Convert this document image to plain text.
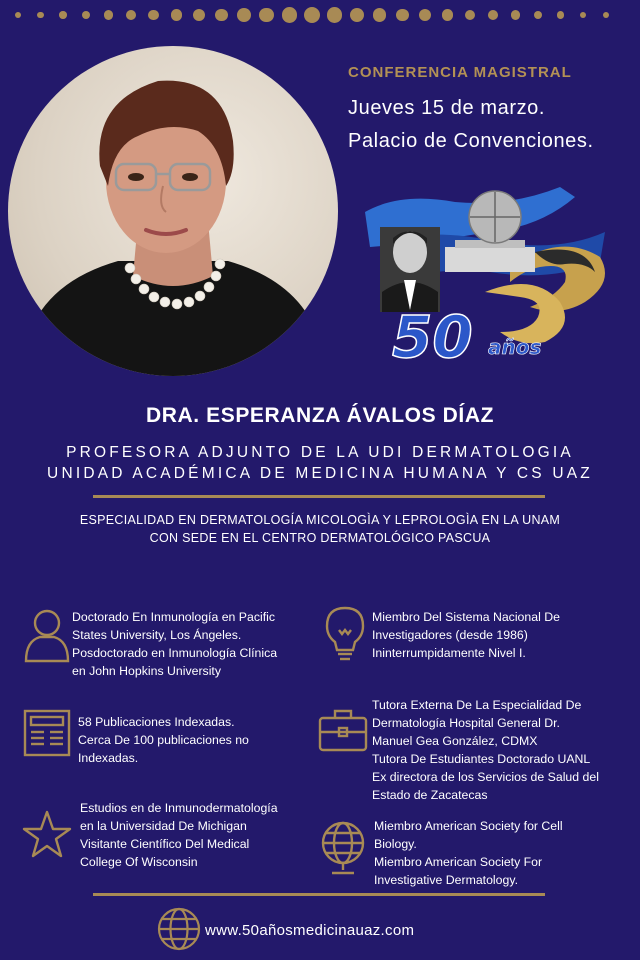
CONFERENCIA MAGISTRAL
Jueves 15 de marzo.
Palacio de Convenciones.
50 años
DRA. ESPERANZA ÁVALOS DÍAZ
PROFESORA ADJUNTO DE LA UDI DERMATOLOGIA
UNIDAD ACADÉMICA DE MEDICINA HUMANA Y CS UAZ
ESPECIALIDAD EN DERMATOLOGÍA MICOLOGÌA Y LEPROLOGÌA EN LA UNAM
CON SEDE EN EL CENTRO DERMATOLÓGICO PASCUA
Doctorado En Inmunología en Pacific
States University, Los Ángeles.
Posdoctorado en Inmunología Clínica
en John Hopkins University
Miembro Del Sistema Nacional De
Investigadores (desde 1986)
Ininterrumpidamente Nivel I.
58 Publicaciones Indexadas.
Cerca De 100 publicaciones no
Indexadas.
Tutora Externa De La Especialidad De
Dermatología Hospital General Dr.
Manuel Gea González, CDMX
Tutora De Estudiantes Doctorado UANL
Ex directora de los Servicios de Salud del
Estado de Zacatecas
Estudios en de Inmunodermatología
en la Universidad De Michigan
Visitante Científico Del Medical
College Of Wisconsin
Miembro American Society for Cell
Biology.
Miembro American Society For
Investigative Dermatology.
www.50añosmedicinauaz.com
